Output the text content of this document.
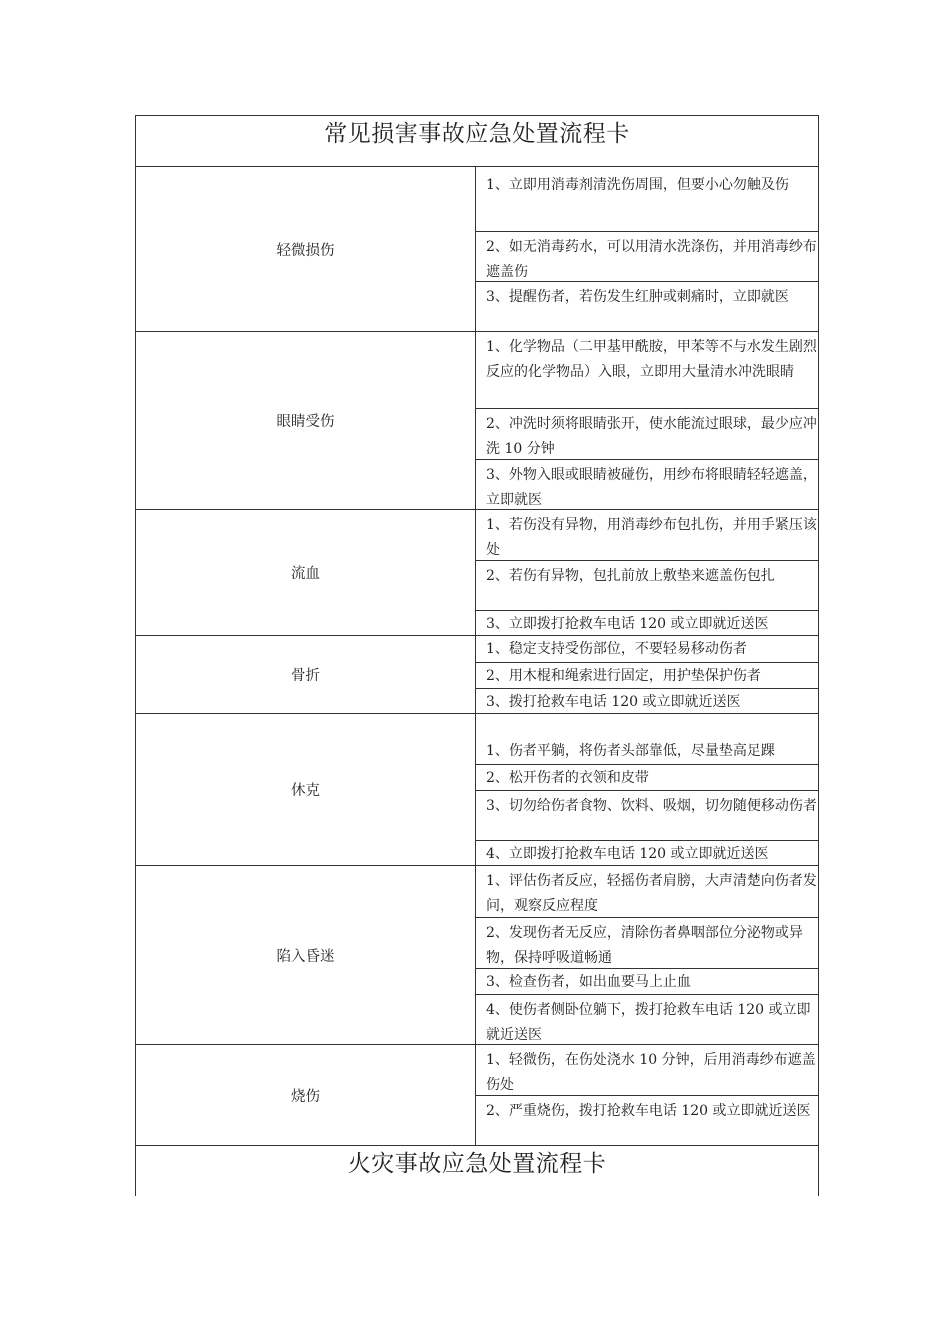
常见损害事故应急处置流程卡
轻微损伤
1、立即用消毒剂清洗伤周围，但要小心勿触及伤
2、如无消毒药水，可以用清水洗涤伤，并用消毒纱布遮盖伤
3、提醒伤者，若伤发生红肿或刺痛时，立即就医
眼睛受伤
1、化学物品（二甲基甲酰胺，甲苯等不与水发生剧烈反应的化学物品）入眼，立即用大量清水冲洗眼睛
2、冲洗时须将眼睛张开，使水能流过眼球，最少应冲洗 10 分钟
3、外物入眼或眼睛被碰伤，用纱布将眼睛轻轻遮盖，立即就医
流血
1、若伤没有异物，用消毒纱布包扎伤，并用手紧压该处
2、若伤有异物，包扎前放上敷垫来遮盖伤包扎
3、立即拨打抢救车电话 120 或立即就近送医
骨折
1、稳定支持受伤部位，不要轻易移动伤者
2、用木棍和绳索进行固定，用护垫保护伤者
3、拨打抢救车电话 120 或立即就近送医
休克
1、伤者平躺，将伤者头部靠低，尽量垫高足踝
2、松开伤者的衣领和皮带
3、切勿给伤者食物、饮料、吸烟，切勿随便移动伤者
4、立即拨打抢救车电话 120 或立即就近送医
陷入昏迷
1、评估伤者反应，轻摇伤者肩膀，大声清楚向伤者发问，观察反应程度
2、发现伤者无反应，清除伤者鼻咽部位分泌物或异物，保持呼吸道畅通
3、检查伤者，如出血要马上止血
4、使伤者侧卧位躺下，拨打抢救车电话 120 或立即就近送医
烧伤
1、轻微伤，在伤处浇水 10 分钟，后用消毒纱布遮盖伤处
2、严重烧伤，拨打抢救车电话 120 或立即就近送医
火灾事故应急处置流程卡
